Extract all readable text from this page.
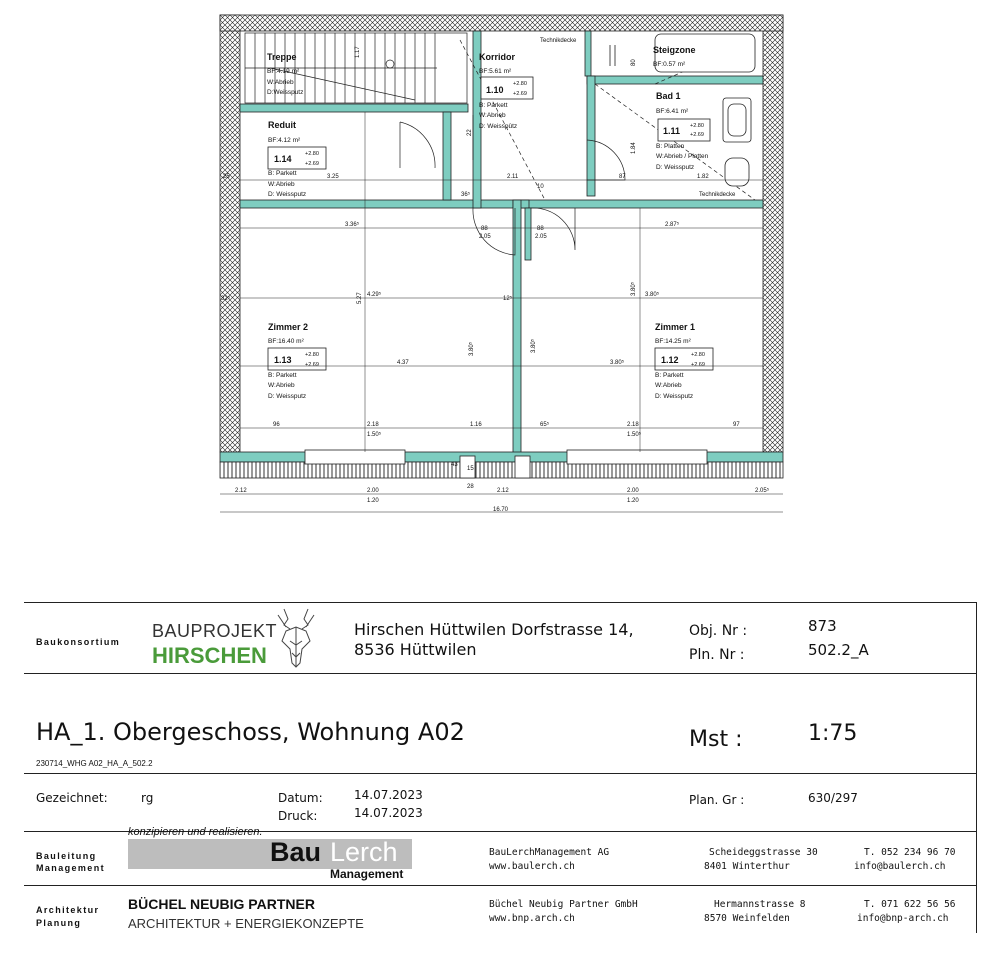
Treppe
BF:4.19 m²
W:Abrieb
D:Weissputz
Korridor
BF:5.61 m²
1.10
+2.80
+2.69
B: Parkett
W:Abrieb
D: Weisspûtz
Steigzone
BF:0.57 m²
Bad 1
BF:6.41 m²
1.11 +2.80
+2.69
B: Platten
W:Abrieb / Platten
D: Weissputz
Reduit
BF:4.12 m²
1.14 +2.80
+2.69
B: Parkett
W:Abrieb
D: Weissputz
Zimmer 2
BF:16.40 m²
1.13 +2.80
+2.69
B: Parkett
W:Abrieb
D: Weissputz
Zimmer 1
BF:14.25 m²
1.12 +2.80
+2.69
B: Parkett
W:Abrieb
D: Weissputz
Technikdecke
Technikdecke
3.25	2.11	1.82
3.36⁵	2.87⁵
4.29⁵	3.80⁵
4.37	3.80⁵
96	2.18
1.50⁵
1.16	65⁵	2.18
1.50⁵
97
2.12	2.00
1.20
2.12	2.00
1.20
2.05⁵
16.70
88
2.05
88
2.05
12⁵
25
32⁵
43
15
28
3.80⁵	3.80⁵
3.80⁵
5.27
1.84
80
1.17
36⁵
10
87
22
Baukonsortium
BAUPROJEKT
HIRSCHEN
Hirschen Hüttwilen Dorfstrasse 14,
8536 Hüttwilen
Obj. Nr :	873
Pln. Nr :	502.2_A
HA_1. Obergeschoss, Wohnung A02
230714_WHG A02_HA_A_502.2
Mst :	1:75
Gezeichnet:	rg	Datum:	14.07.2023
Druck:	14.07.2023
Plan. Gr :	630/297
Bauleitung
Management
konzipieren und realisieren.
Bau Lerch
Management
BauLerchManagement AG
www.baulerch.ch
Scheideggstrasse 30
8401 Winterthur
T. 052 234 96 70
info@baulerch.ch
Architektur
Planung
BÜCHEL NEUBIG PARTNER
ARCHITEKTUR + ENERGIEKONZEPTE
Büchel Neubig Partner GmbH
www.bnp.arch.ch
Hermannstrasse 8
8570 Weinfelden
T. 071 622 56 56
info@bnp-arch.ch
